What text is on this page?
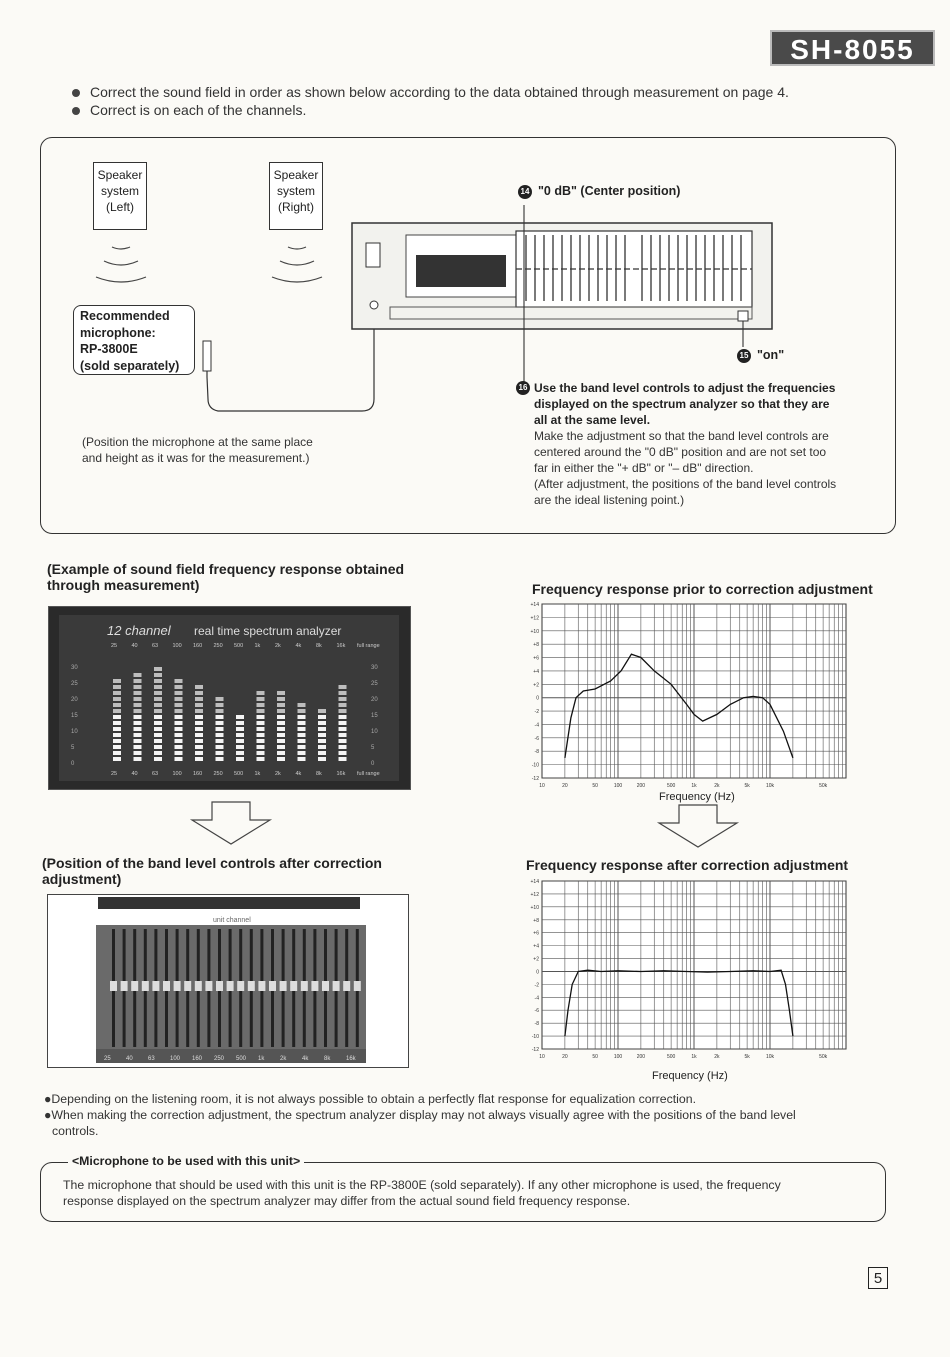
SH-8055
Correct the sound field in order as shown below according to the data obtained through measurement on page 4.
Correct is on each of the channels.
Speaker
system
(Left)
Speaker
system
(Right)
Recommended
microphone:
RP-3800E
(sold separately)
(Position the microphone at the same place
and height as it was for the measurement.)
14 "0 dB" (Center position)
15 "on"
16 Use the band level controls to adjust the frequencies
displayed on the spectrum analyzer so that they are
all at the same level.
Make the adjustment so that the band level controls are
centered around the "0 dB" position and are not set too
far in either the "+ dB" or "– dB" direction.
(After adjustment, the positions of the band level controls
are the ideal listening point.)
(Example of sound field frequency response obtained
through measurement)
12 channel real time spectrum analyzer
25	40	63	100 160 250 500 1k	2k	4k	8k	16k full range
30	30
25	25
20	20
15	15
10	10
5	5
0	0
25	40	63	100 160 250 500 1k	2k	4k	8k	16k full range
(Position of the band level controls after correction
adjustment)
unit channel
25	40	63	100 160 250 500 1k	2k	4k	8k	16k
Frequency response prior to correction adjustment
+14
+12
+10
+8
+6
+4
+2
0
-2
-4
-6
-8
-10
-12
10	20	50	100	200	500	1k	2k	5k	10k	50k
Frequency (Hz)
Frequency response after correction adjustment
+14
+12
+10
+8
+6
+4
+2
0
-2
-4
-6
-8
-10
-12
10	20	50	100	200	500	1k	2k	5k	10k	50k
Frequency (Hz)
●Depending on the listening room, it is not always possible to obtain a perfectly flat response for equalization correction.
●When making the correction adjustment, the spectrum analyzer display may not always visually agree with the positions of the band level
controls.
<Microphone to be used with this unit>
The microphone that should be used with this unit is the RP-3800E (sold separately). If any other microphone is used, the frequency
response displayed on the spectrum analyzer may differ from the actual sound field frequency response.
5
